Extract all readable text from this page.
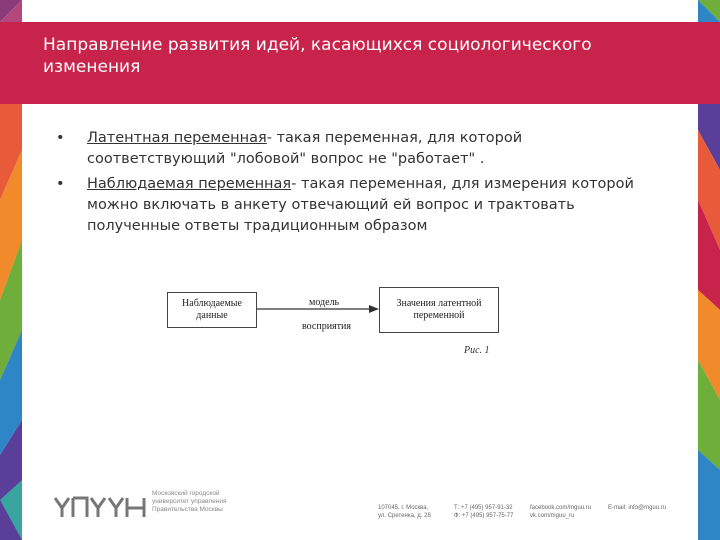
Направление развития идей, касающихся социологического изменения
• Латентная переменная- такая переменная, для которой соответствующий "лобовой" вопрос не "работает" .
• Наблюдаемая переменная- такая переменная, для измерения которой можно включать в анкету отвечающий ей вопрос и трактовать полученные ответы традиционным образом
Наблюдаемые данные
модель
восприятия
Значения латентной переменной
Рис. 1
Московский городской университет управления Правительства Москвы	107045, г. Москва,
ул. Сретенка, д. 28
Т: +7 (495) 957-91-32
Ф: +7 (495) 957-75-77
facebook.com/mguu.ru
vk.com/mguu_ru
E-mail: info@mguu.ru
